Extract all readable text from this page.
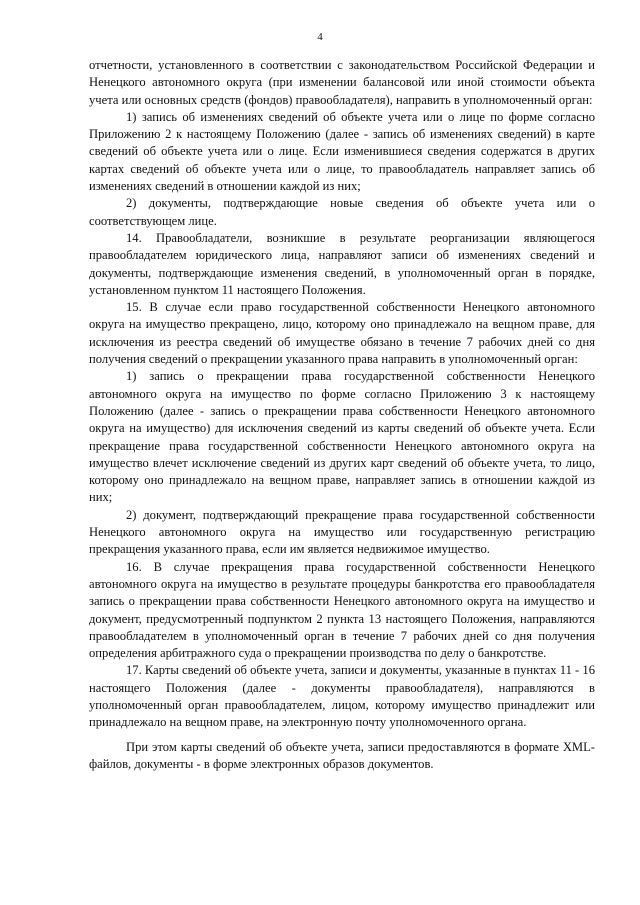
4

отчетности, установленного в соответствии с законодательством Российской Федерации и Ненецкого автономного округа (при изменении балансовой или иной стоимости объекта учета или основных средств (фондов) правообладателя), направить в уполномоченный орган:

1) запись об изменениях сведений об объекте учета или о лице по форме согласно Приложению 2 к настоящему Положению (далее - запись об изменениях сведений) в карте сведений об объекте учета или о лице. Если изменившиеся сведения содержатся в других картах сведений об объекте учета или о лице, то правообладатель направляет запись об изменениях сведений в отношении каждой из них;

2) документы, подтверждающие новые сведения об объекте учета или о соответствующем лице.

14. Правообладатели, возникшие в результате реорганизации являющегося правообладателем юридического лица, направляют записи об изменениях сведений и документы, подтверждающие изменения сведений, в уполномоченный орган в порядке, установленном пунктом 11 настоящего Положения.

15. В случае если право государственной собственности Ненецкого автономного округа на имущество прекращено, лицо, которому оно принадлежало на вещном праве, для исключения из реестра сведений об имуществе обязано в течение 7 рабочих дней со дня получения сведений о прекращении указанного права направить в уполномоченный орган:

1) запись о прекращении права государственной собственности Ненецкого автономного округа на имущество по форме согласно Приложению 3 к настоящему Положению (далее - запись о прекращении права собственности Ненецкого автономного округа на имущество) для исключения сведений из карты сведений об объекте учета. Если прекращение права государственной собственности Ненецкого автономного округа на имущество влечет исключение сведений из других карт сведений об объекте учета, то лицо, которому оно принадлежало на вещном праве, направляет запись в отношении каждой из них;

2) документ, подтверждающий прекращение права государственной собственности Ненецкого автономного округа на имущество или государственную регистрацию прекращения указанного права, если им является недвижимое имущество.

16. В случае прекращения права государственной собственности Ненецкого автономного округа на имущество в результате процедуры банкротства его правообладателя запись о прекращении права собственности Ненецкого автономного округа на имущество и документ, предусмотренный подпунктом 2 пункта 13 настоящего Положения, направляются правообладателем в уполномоченный орган в течение 7 рабочих дней со дня получения определения арбитражного суда о прекращении производства по делу о банкротстве.

17. Карты сведений об объекте учета, записи и документы, указанные в пунктах 11 - 16 настоящего Положения (далее - документы правообладателя), направляются в уполномоченный орган правообладателем, лицом, которому имущество принадлежит или принадлежало на вещном праве, на электронную почту уполномоченного органа.

При этом карты сведений об объекте учета, записи предоставляются в формате XML-файлов, документы - в форме электронных образов документов.
